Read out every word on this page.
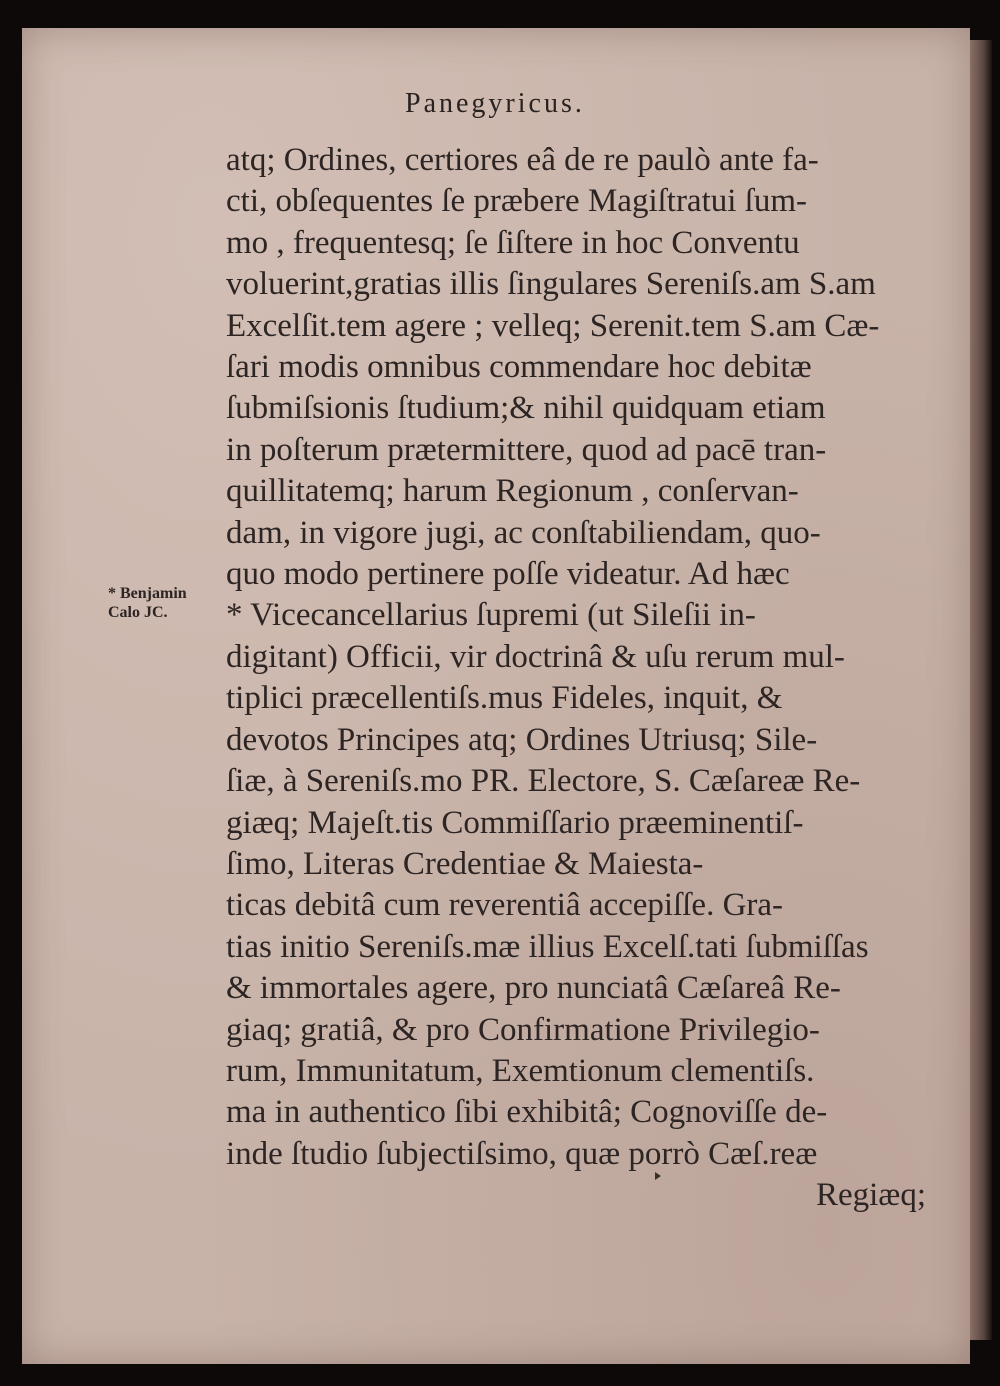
Panegyricus.
* Benjamin
Calo JC.
atq; Ordines, certiores eâ de re paulò ante fa-
cti, obſequentes ſe præbere Magiſtratui ſum-
mo , frequentesq; ſe ſiſtere in hoc Conventu
voluerint,gratias illis ſingulares Sereniſs.am S.am
Excelſit.tem agere ; velleq; Serenit.tem S.am Cæ-
ſari modis omnibus commendare hoc debitæ
ſubmiſsionis ſtudium;& nihil quidquam etiam
in poſterum prætermittere, quod ad pacē tran-
quillitatemq; harum Regionum , conſervan-
dam, in vigore jugi, ac conſtabiliendam, quo-
quo modo pertinere poſſe videatur. Ad hæc
* Vicecancellarius ſupremi (ut Sileſii in-
digitant) Officii, vir doctrinâ & uſu rerum mul-
tiplici præcellentiſs.mus Fideles, inquit, &
devotos Principes atq; Ordines Utriusq; Sile-
ſiæ, à Sereniſs.mo PR. Electore, S. Cæſareæ Re-
giæq; Majeſt.tis Commiſſario præeminentiſ-
ſimo, Literas Credentiae & Maiesta-
ticas debitâ cum reverentiâ accepiſſe. Gra-
tias initio Sereniſs.mæ illius Excelſ.tati ſubmiſſas
& immortales agere, pro nunciatâ Cæſareâ Re-
giaq; gratiâ, & pro Confirmatione Privilegio-
rum, Immunitatum, Exemtionum clementiſs.
ma in authentico ſibi exhibitâ; Cognoviſſe de-
inde ſtudio ſubjectiſsimo, quæ porrò Cæſ.reæ
Regiæq;
